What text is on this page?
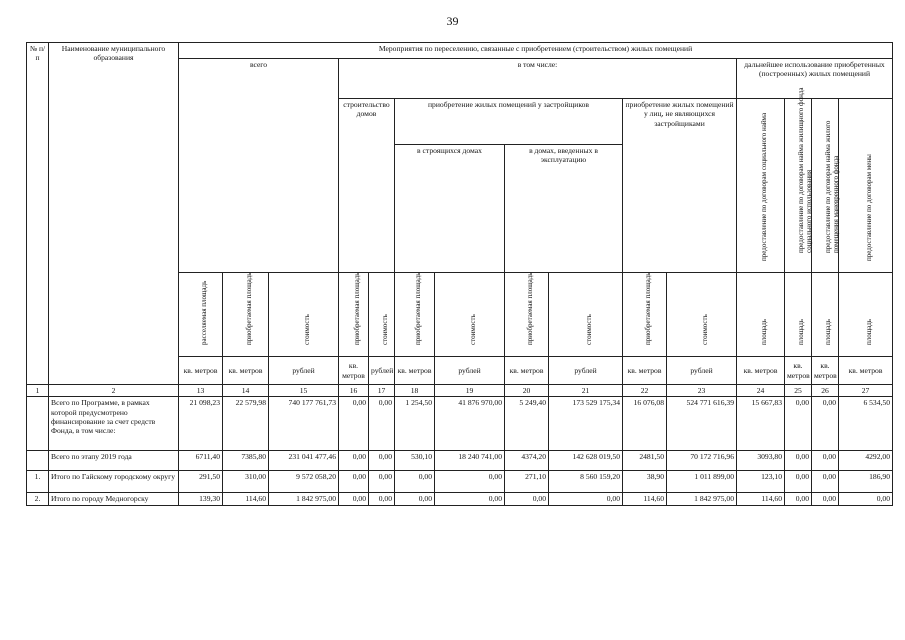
39
№ п/п	Наименование муниципального образования	Мероприятия по переселению, связанные с приобретением (строительством) жилых помещений														
		всего			в том числе:								дальнейшее использование приобретенных (построенных) жилых помещений			
					строительство домов		приобретение жилых помещений у застройщиков				приобретение жилых помещений у лиц, не являющихся застройщиками		предоставление по договорам социального найма	предоставление по договорам найма жилищного фонда социального использования	предоставление по договорам найма жилого помещения маневренного фонда	предоставление по договорам мены

							в строящихся домах		в домах, введенных в эксплуатацию							

		расселяемая площадь	приобретаемая площадь	стоимость	приобретаемая площадь	стоимость	приобретаемая площадь	стоимость	приобретаемая площадь	стоимость	приобретаемая площадь	стоимость	площадь	площадь	площадь	площадь

		кв. метров	кв. метров	рублей	кв. метров	рублей	кв. метров	рублей	кв. метров	рублей	кв. метров	рублей	кв. метров	кв. метров	кв. метров	кв. метров
1	2	13	14	15	16	17	18	19	20	21	22	23	24	25	26	27
	Всего по Программе, в рамках которой предусмотрено финансирование за счет средств Фонда, в том числе:	21 098,23	22 579,98	740 177 761,73	0,00	0,00	1 254,50	41 876 970,00	5 249,40	173 529 175,34	16 076,08	524 771 616,39	15 667,83	0,00	0,00	6 534,50
	Всего по этапу 2019 года	6711,40	7385,80	231 041 477,46	0,00	0,00	530,10	18 240 741,00	4374,20	142 628 019,50	2481,50	70 172 716,96	3093,80	0,00	0,00	4292,00
1.	Итого по Гайскому городскому округу	291,50	310,00	9 572 058,20	0,00	0,00	0,00	0,00	271,10	8 560 159,20	38,90	1 011 899,00	123,10	0,00	0,00	186,90
2.	Итого по городу Медногорску	139,30	114,60	1 842 975,00	0,00	0,00	0,00	0,00	0,00	0,00	114,60	1 842 975,00	114,60	0,00	0,00	0,00
